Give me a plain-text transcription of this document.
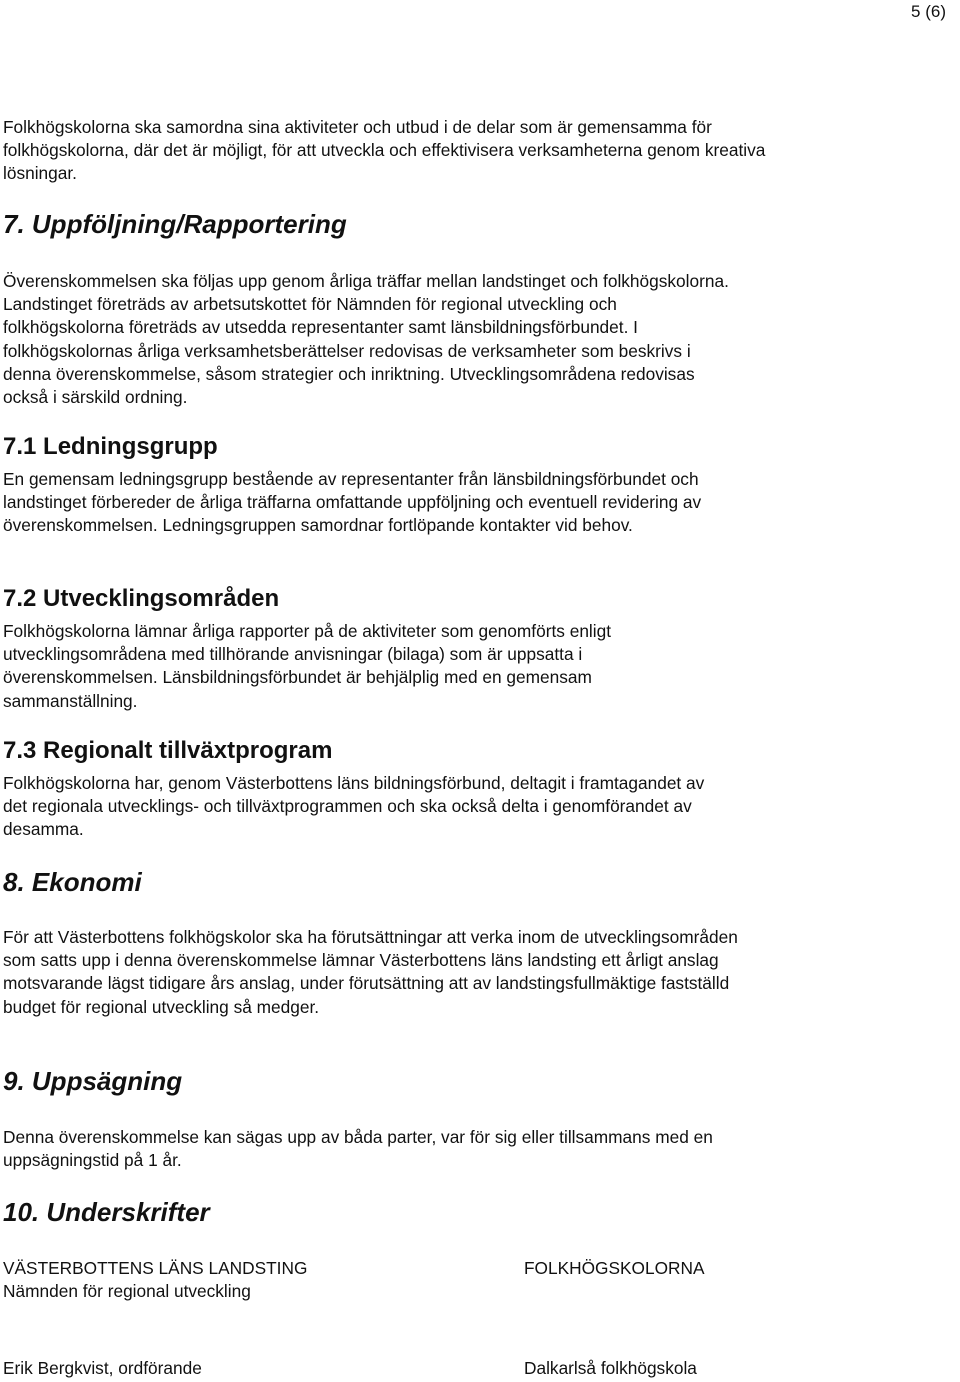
5 (6)

Folkhögskolorna ska samordna sina aktiviteter och utbud i de delar som är gemensamma för folkhögskolorna, där det är möjligt, för att utveckla och effektivisera verksamheterna genom kreativa lösningar.

7. Uppföljning/Rapportering

Överenskommelsen ska följas upp genom årliga träffar mellan landstinget och folkhögskolorna. Landstinget företräds av arbetsutskottet för Nämnden för regional utveckling och folkhögskolorna företräds av utsedda representanter samt länsbildningsförbundet. I folkhögskolornas årliga verksamhetsberättelser redovisas de verksamheter som beskrivs i denna överenskommelse, såsom strategier och inriktning. Utvecklingsområdena redovisas också i särskild ordning.

7.1 Ledningsgrupp

En gemensam ledningsgrupp bestående av representanter från länsbildningsförbundet och landstinget förbereder de årliga träffarna omfattande uppföljning och eventuell revidering av överenskommelsen. Ledningsgruppen samordnar fortlöpande kontakter vid behov.

7.2 Utvecklingsområden

Folkhögskolorna lämnar årliga rapporter på de aktiviteter som genomförts enligt utvecklingsområdena med tillhörande anvisningar (bilaga) som är uppsatta i överenskommelsen. Länsbildningsförbundet är behjälplig med en gemensam sammanställning.

7.3 Regionalt tillväxtprogram

Folkhögskolorna har, genom Västerbottens läns bildningsförbund, deltagit i framtagandet av det regionala utvecklings- och tillväxtprogrammen och ska också delta i genomförandet av desamma.

8. Ekonomi

För att Västerbottens folkhögskolor ska ha förutsättningar att verka inom de utvecklingsområden som satts upp i denna överenskommelse lämnar Västerbottens läns landsting ett årligt anslag motsvarande lägst tidigare års anslag, under förutsättning att av landstingsfullmäktige fastställd budget för regional utveckling så medger.

9. Uppsägning

Denna överenskommelse kan sägas upp av båda parter, var för sig eller tillsammans med en uppsägningstid på 1 år.

10. Underskrifter
VÄSTERBOTTENS LÄNS LANDSTING
Nämnden för regional utveckling
FOLKHÖGSKOLORNA
Erik Bergkvist, ordförande	Dalkarlså folkhögskola
